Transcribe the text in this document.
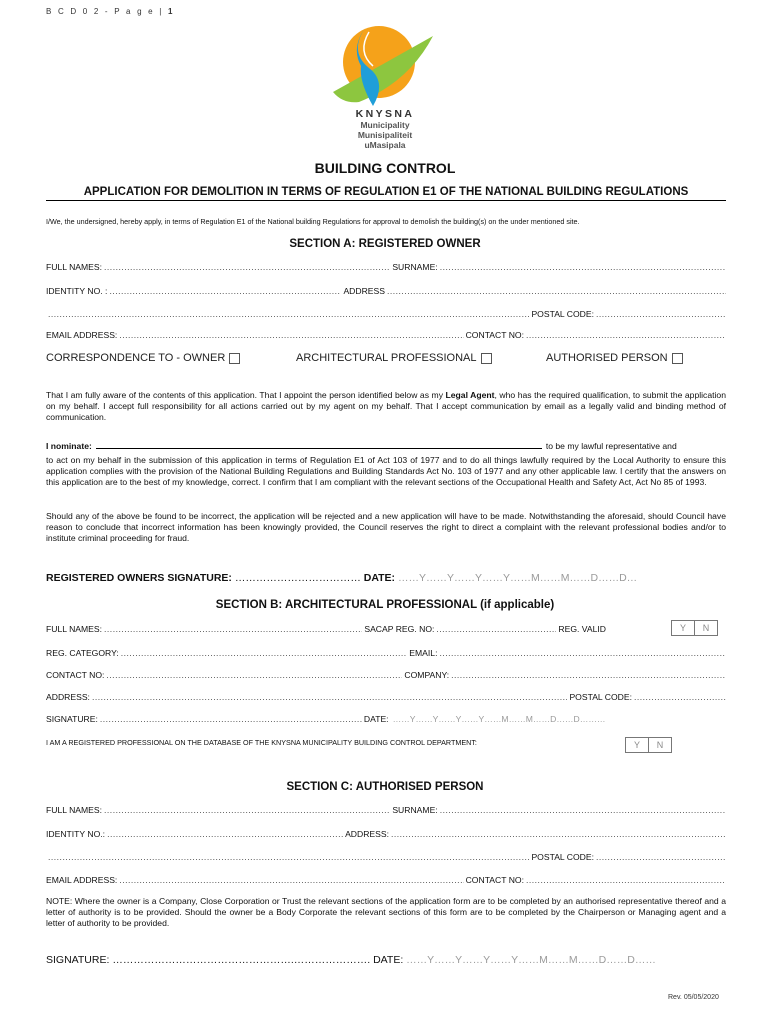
B C D 0 2 - P a g e | 1
KNYSNA
Municipality
Munisipaliteit
uMasipala
BUILDING CONTROL
APPLICATION FOR DEMOLITION IN TERMS OF REGULATION E1 OF THE NATIONAL BUILDING REGULATIONS
I/We, the undersigned, hereby apply, in terms of Regulation E1 of the National building Regulations for approval to demolish the building(s) on the under mentioned site.
SECTION A: REGISTERED OWNER
FULL NAMES: .....	SURNAME:
.....
IDENTITY NO. : .....	ADDRESS
.....
.....
POSTAL CODE:
.....
EMAIL ADDRESS: .....	CONTACT NO:
.....
CORRESPONDENCE TO - OWNER	ARCHITECTURAL PROFESSIONAL	AUTHORISED PERSON
That I am fully aware of the contents of this application. That I appoint the person identified below as my Legal Agent, who has the required qualification, to submit the application on my behalf. I accept full responsibility for all actions carried out by my agent on my behalf. That I accept communication by email as a legally valid and binding method of communication.
I nominate:	to be my lawful representative and
to act on my behalf in the submission of this application in terms of Regulation E1 of Act 103 of 1977 and to do all things lawfully required by the Local Authority to ensure this application complies with the provision of the National Building Regulations and Building Standards Act No. 103 of 1977 and any other applicable law. I certify that the answers on this application are to the best of my knowledge, correct. I confirm that I am compliant with the relevant sections of the Occupational Health and Safety Act, Act No 85 of 1993.
Should any of the above be found to be incorrect, the application will be rejected and a new application will have to be made. Notwithstanding the aforesaid, should Council have reason to conclude that incorrect information has been knowingly provided, the Council reserves the right to direct a complaint with the relevant professional bodies and/or to institute criminal proceeding for fraud.
REGISTERED OWNERS SIGNATURE: ……………………………… DATE: ……Y……Y……Y……Y……M……M……D……D…
SECTION B: ARCHITECTURAL PROFESSIONAL (if applicable)
FULL NAMES: .....	SACAP REG. NO: .....	REG. VALID	Y	N
REG. CATEGORY: .....	EMAIL:
.....
CONTACT NO: .....	COMPANY:
.....
ADDRESS: .....	POSTAL CODE:
.....
SIGNATURE: .....	DATE: ……Y……Y……Y……Y……M……M……D……D………
I AM A REGISTERED PROFESSIONAL ON THE DATABASE OF THE KNYSNA MUNICIPALITY BUILDING CONTROL DEPARTMENT:	Y	N
SECTION C: AUTHORISED PERSON
FULL NAMES: .....	SURNAME:
.....
IDENTITY NO.: .....	ADDRESS:
.....
.....
POSTAL CODE:
.....
EMAIL ADDRESS: .....	CONTACT NO:
.....
NOTE: Where the owner is a Company, Close Corporation or Trust the relevant sections of the application form are to be completed by an authorised representative thereof and a letter of authority is to be provided. Should the owner be a Body Corporate the relevant sections of this form are to be completed by the Chairperson or Managing agent and a letter of authority to be provided.
SIGNATURE: …………………………………………….…………………. DATE: ……Y……Y……Y……Y……M……M……D……D……
Rev. 05/05/2020
